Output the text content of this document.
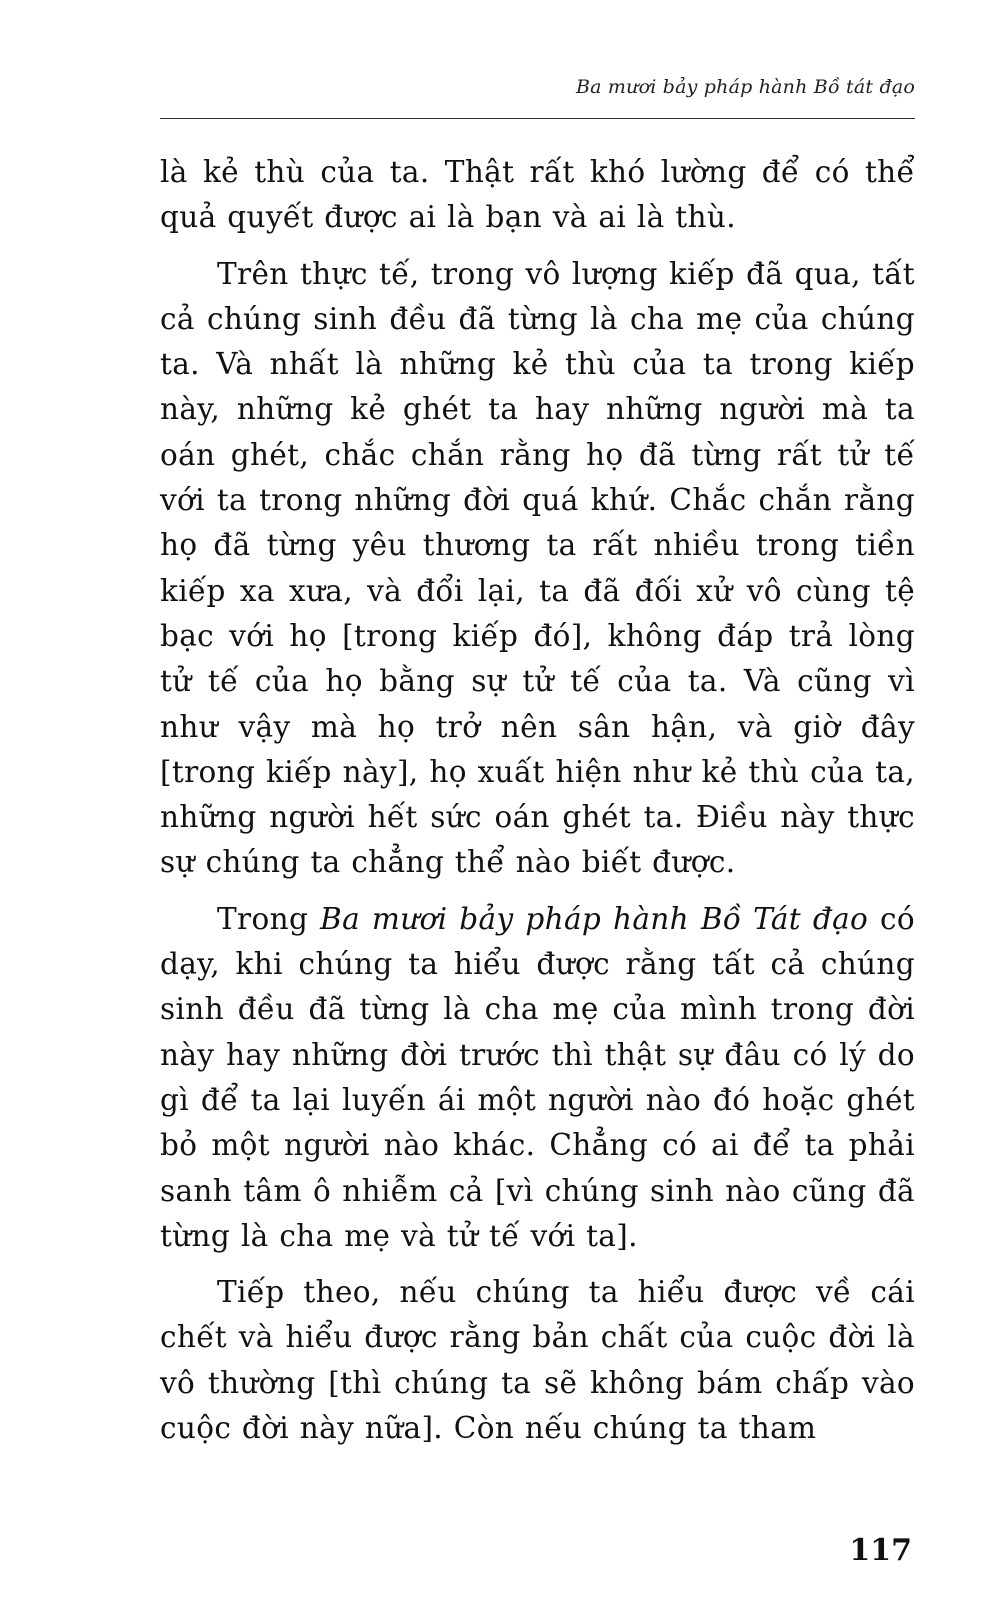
Ba mươi bảy pháp hành Bồ tát đạo

là kẻ thù của ta. Thật rất khó lường để có thể quả quyết được ai là bạn và ai là thù.

Trên thực tế, trong vô lượng kiếp đã qua, tất cả chúng sinh đều đã từng là cha mẹ của chúng ta. Và nhất là những kẻ thù của ta trong kiếp này, những kẻ ghét ta hay những người mà ta oán ghét, chắc chắn rằng họ đã từng rất tử tế với ta trong những đời quá khứ. Chắc chắn rằng họ đã từng yêu thương ta rất nhiều trong tiền kiếp xa xưa, và đổi lại, ta đã đối xử vô cùng tệ bạc với họ [trong kiếp đó], không đáp trả lòng tử tế của họ bằng sự tử tế của ta. Và cũng vì như vậy mà họ trở nên sân hận, và giờ đây [trong kiếp này], họ xuất hiện như kẻ thù của ta, những người hết sức oán ghét ta. Điều này thực sự chúng ta chẳng thể nào biết được.

Trong Ba mươi bảy pháp hành Bồ Tát đạo có dạy, khi chúng ta hiểu được rằng tất cả chúng sinh đều đã từng là cha mẹ của mình trong đời này hay những đời trước thì thật sự đâu có lý do gì để ta lại luyến ái một người nào đó hoặc ghét bỏ một người nào khác. Chẳng có ai để ta phải sanh tâm ô nhiễm cả [vì chúng sinh nào cũng đã từng là cha mẹ và tử tế với ta].

Tiếp theo, nếu chúng ta hiểu được về cái chết và hiểu được rằng bản chất của cuộc đời là vô thường [thì chúng ta sẽ không bám chấp vào cuộc đời này nữa]. Còn nếu chúng ta tham

117
